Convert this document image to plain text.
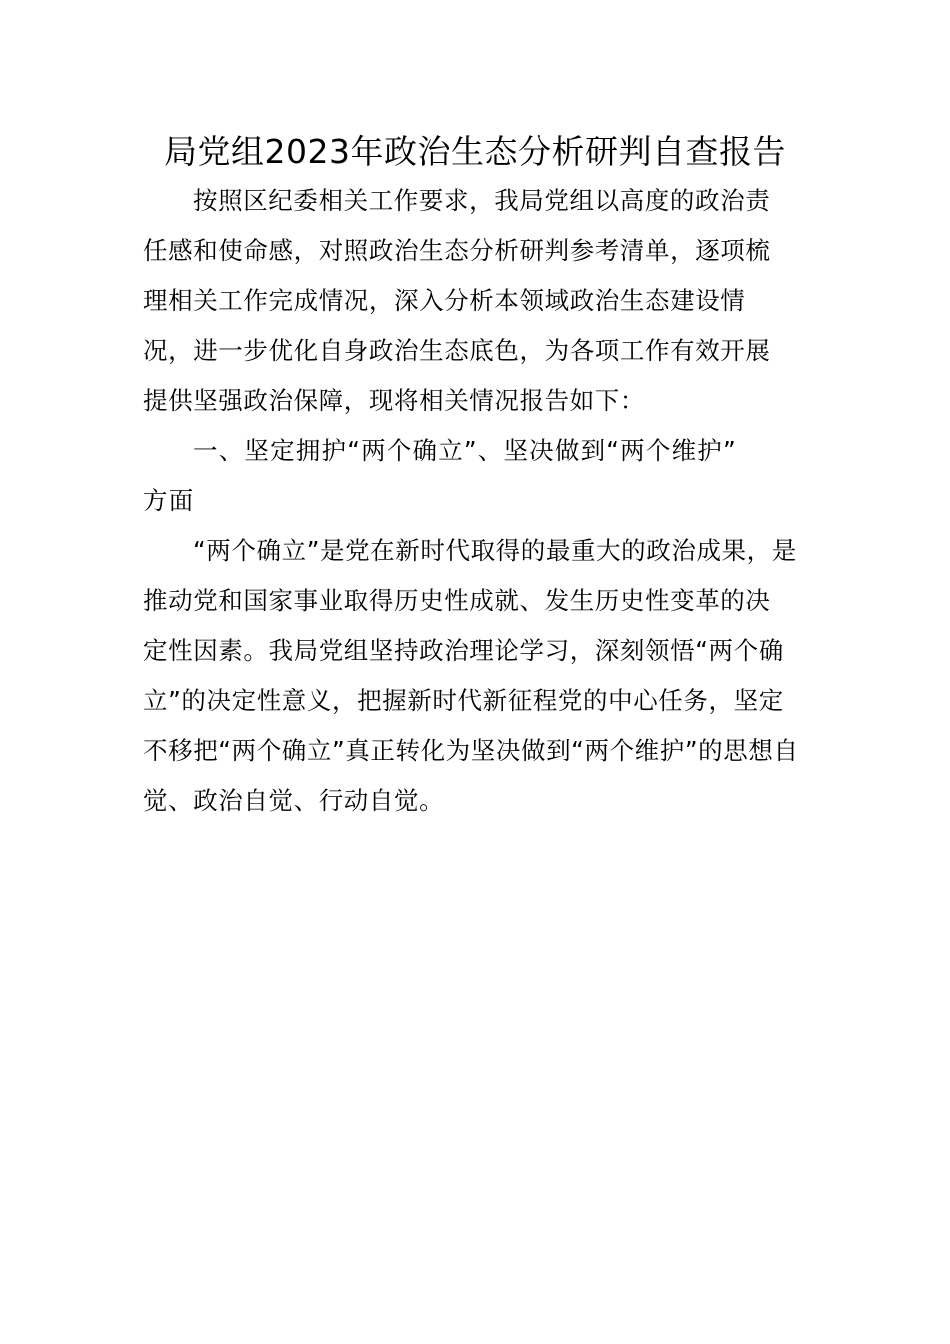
局党组2023年政治生态分析研判自查报告

按照区纪委相关工作要求，我局党组以高度的政治责
任感和使命感，对照政治生态分析研判参考清单，逐项梳
理相关工作完成情况，深入分析本领域政治生态建设情
况，进一步优化自身政治生态底色，为各项工作有效开展
提供坚强政治保障，现将相关情况报告如下：

一、坚定拥护“两个确立”、坚决做到“两个维护”
方面

“两个确立”是党在新时代取得的最重大的政治成果，是
推动党和国家事业取得历史性成就、发生历史性变革的决
定性因素。我局党组坚持政治理论学习，深刻领悟“两个确
立”的决定性意义，把握新时代新征程党的中心任务，坚定
不移把“两个确立”真正转化为坚决做到“两个维护”的思想自
觉、政治自觉、行动自觉。
